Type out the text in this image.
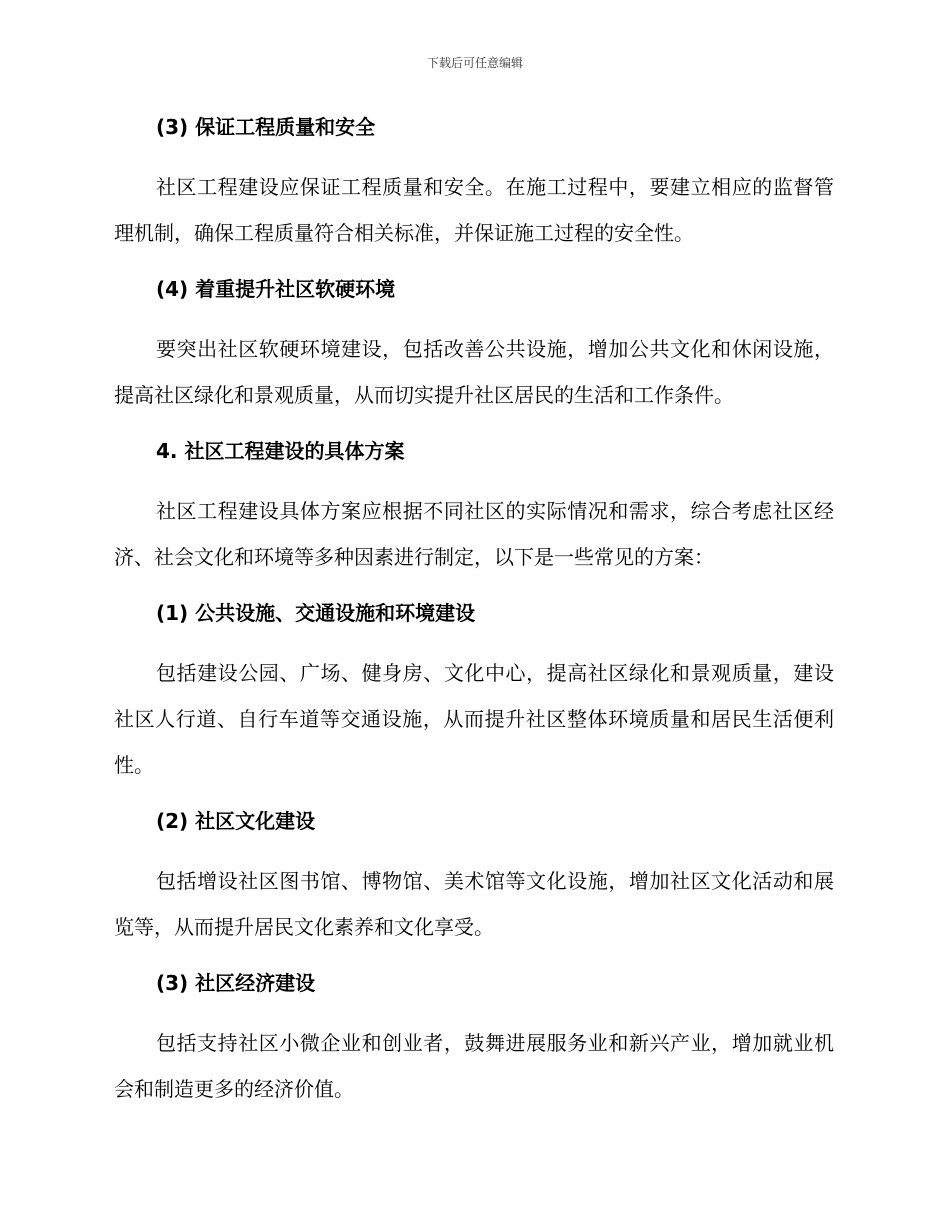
下载后可任意编辑
(3) 保证工程质量和安全

社区工程建设应保证工程质量和安全。在施工过程中，要建立相应的监督管理机制，确保工程质量符合相关标准，并保证施工过程的安全性。

(4) 着重提升社区软硬环境

要突出社区软硬环境建设，包括改善公共设施，增加公共文化和休闲设施，提高社区绿化和景观质量，从而切实提升社区居民的生活和工作条件。

4. 社区工程建设的具体方案

社区工程建设具体方案应根据不同社区的实际情况和需求，综合考虑社区经济、社会文化和环境等多种因素进行制定，以下是一些常见的方案：

(1) 公共设施、交通设施和环境建设

包括建设公园、广场、健身房、文化中心，提高社区绿化和景观质量，建设社区人行道、自行车道等交通设施，从而提升社区整体环境质量和居民生活便利性。

(2) 社区文化建设

包括增设社区图书馆、博物馆、美术馆等文化设施，增加社区文化活动和展览等，从而提升居民文化素养和文化享受。

(3) 社区经济建设

包括支持社区小微企业和创业者，鼓舞进展服务业和新兴产业，增加就业机会和制造更多的经济价值。
